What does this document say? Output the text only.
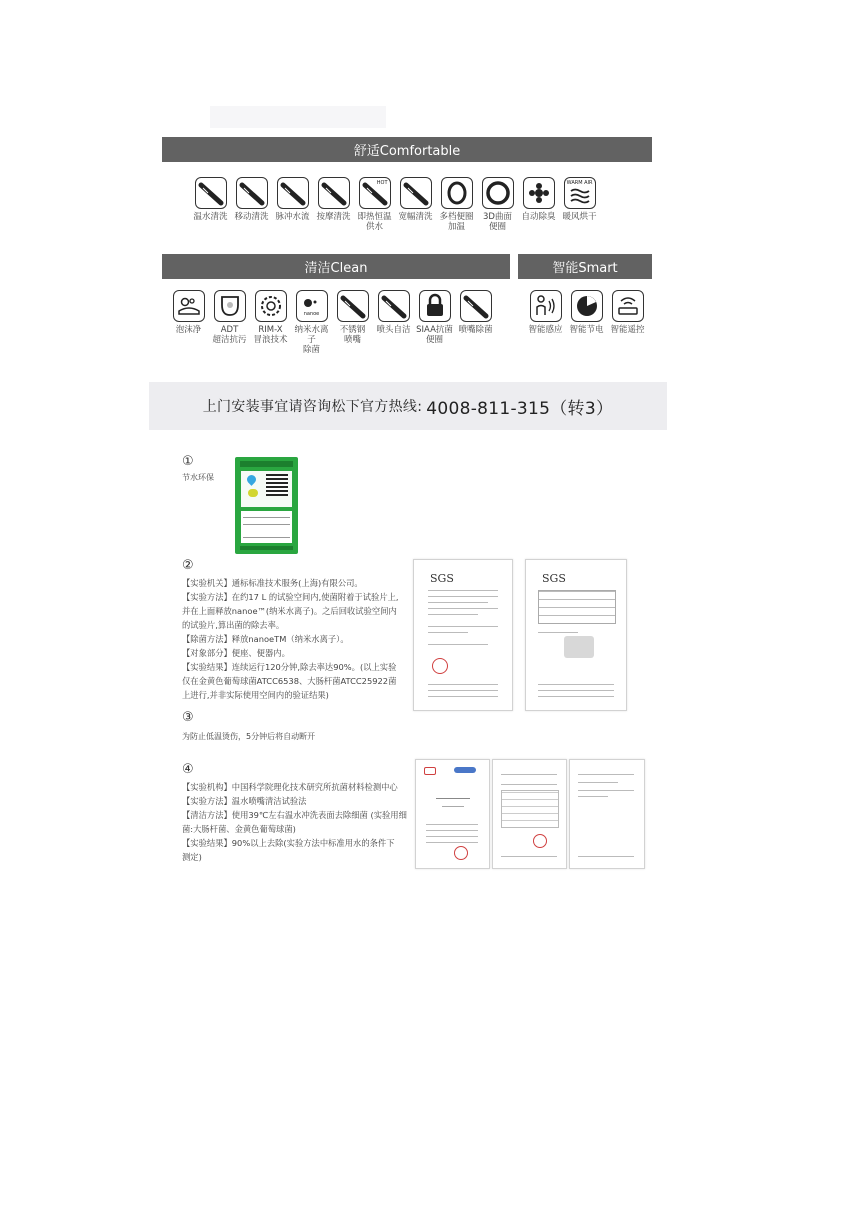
舒适Comfortable
温水清洗 移动清洗 脉冲水流 按摩清洗
HOT
即热恒温
供水
宽幅清洗 多档便圈
加温
3D曲面
便圈
自动除臭
WARM AIR
暖风烘干
清洁Clean	智能Smart
泡沫净	ADT
超洁抗污
RIM-X
冒浪技术
nanoe
纳米水离子
除菌
不锈钢
喷嘴
喷头自洁 SIAA抗菌
便圈
喷嘴除菌	智能感应 智能节电 智能遥控
上门安装事宜请咨询松下官方热线: 4008-811-315（转3）
①
节水环保
②
【实验机关】通标标准技术服务(上海)有限公司。
【实验方法】在约17 L 的试验空间内,使菌附着于试验片上,
并在上面释放nanoe™(纳米水离子)。之后回收试验空间内
的试验片,算出菌的除去率。
【除菌方法】释放nanoeTM（纳米水离子）。
【对象部分】便座、便器内。
【实验结果】连续运行120分钟,除去率达90%。(以上实验
仅在金黄色葡萄球菌ATCC6538、大肠杆菌ATCC25922菌
上进行,并非实际使用空间内的验证结果)
SGS	SGS
③
为防止低温烫伤，5分钟后将自动断开
④
【实验机构】中国科学院理化技术研究所抗菌材料检测中心
【实验方法】温水喷嘴清洁试验法
【清洁方法】使用39℃左右温水冲洗表面去除细菌 (实验用细
菌:大肠杆菌、金黄色葡萄球菌)
【实验结果】90%以上去除(实验方法中标准用水的条件下
测定)
